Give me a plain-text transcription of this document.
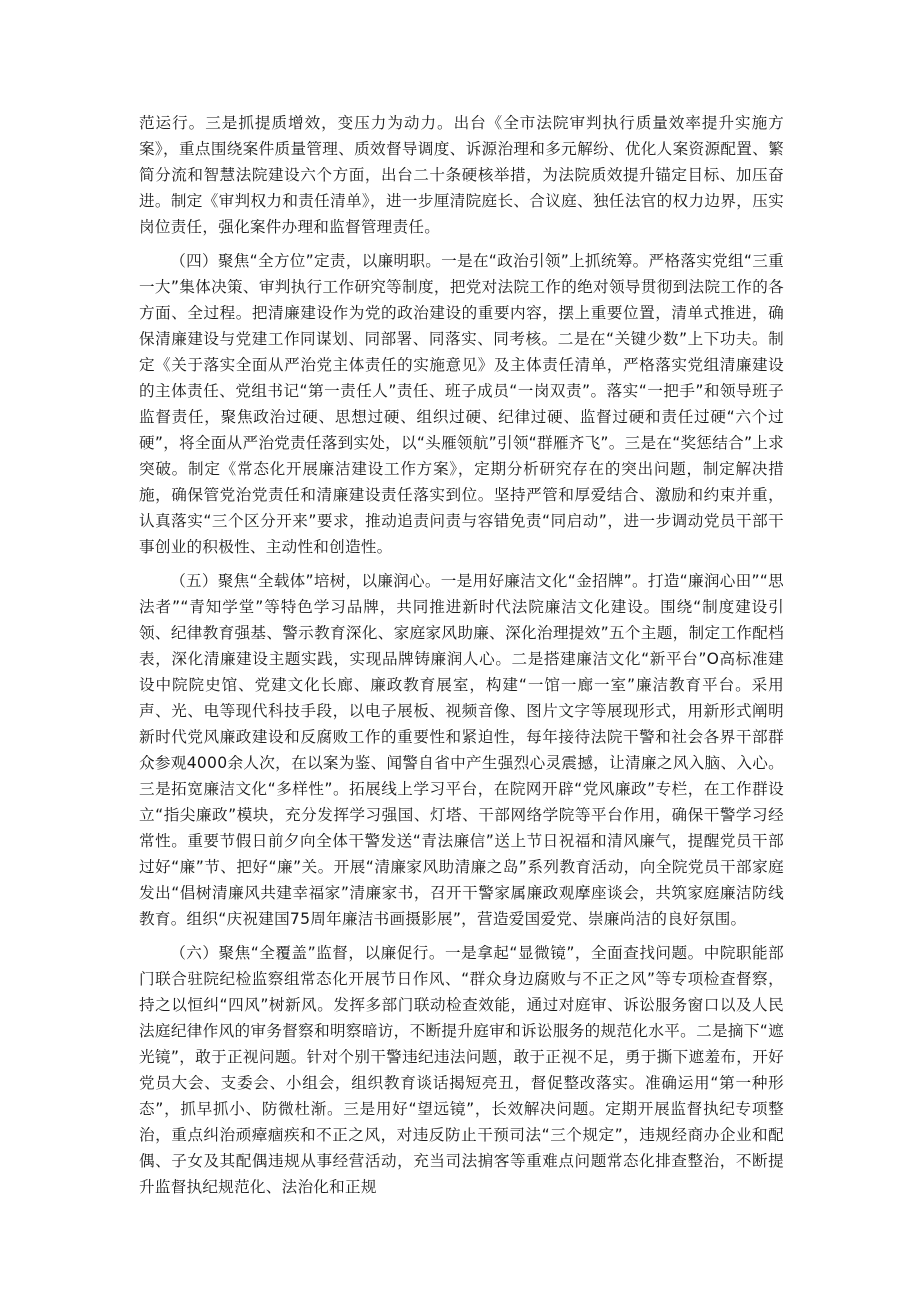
范运行。三是抓提质增效，变压力为动力。出台《全市法院审判执行质量效率提升实施方案》，重点围绕案件质量管理、质效督导调度、诉源治理和多元解纷、优化人案资源配置、繁简分流和智慧法院建设六个方面，出台二十条硬核举措，为法院质效提升锚定目标、加压奋进。制定《审判权力和责任清单》，进一步厘清院庭长、合议庭、独任法官的权力边界，压实岗位责任，强化案件办理和监督管理责任。

（四）聚焦“全方位”定责，以廉明职。一是在“政治引领”上抓统筹。严格落实党组“三重一大”集体决策、审判执行工作研究等制度，把党对法院工作的绝对领导贯彻到法院工作的各方面、全过程。把清廉建设作为党的政治建设的重要内容，摆上重要位置，清单式推进，确保清廉建设与党建工作同谋划、同部署、同落实、同考核。二是在“关键少数”上下功夫。制定《关于落实全面从严治党主体责任的实施意见》及主体责任清单，严格落实党组清廉建设的主体责任、党组书记“第一责任人”责任、班子成员“一岗双责”。落实“一把手”和领导班子监督责任，聚焦政治过硬、思想过硬、组织过硬、纪律过硬、监督过硬和责任过硬“六个过硬”，将全面从严治党责任落到实处，以“头雁领航”引领“群雁齐飞”。三是在“奖惩结合”上求突破。制定《常态化开展廉洁建设工作方案》，定期分析研究存在的突出问题，制定解决措施，确保管党治党责任和清廉建设责任落实到位。坚持严管和厚爱结合、激励和约束并重，认真落实“三个区分开来”要求，推动追责问责与容错免责“同启动”，进一步调动党员干部干事创业的积极性、主动性和创造性。

（五）聚焦“全载体”培树，以廉润心。一是用好廉洁文化“金招牌”。打造“廉润心田”“思法者”“青知学堂”等特色学习品牌，共同推进新时代法院廉洁文化建设。围绕“制度建设引领、纪律教育强基、警示教育深化、家庭家风助廉、深化治理提效”五个主题，制定工作配档表，深化清廉建设主题实践，实现品牌铸廉润人心。二是搭建廉洁文化“新平台”O高标准建设中院院史馆、党建文化长廊、廉政教育展室，构建“一馆一廊一室”廉洁教育平台。采用声、光、电等现代科技手段，以电子展板、视频音像、图片文字等展现形式，用新形式阐明新时代党风廉政建设和反腐败工作的重要性和紧迫性，每年接待法院干警和社会各界干部群众参观4000余人次，在以案为鉴、闻警自省中产生强烈心灵震撼，让清廉之风入脑、入心。三是拓宽廉洁文化“多样性”。拓展线上学习平台，在院网开辟“党风廉政”专栏，在工作群设立“指尖廉政”模块，充分发挥学习强国、灯塔、干部网络学院等平台作用，确保干警学习经常性。重要节假日前夕向全体干警发送“青法廉信”送上节日祝福和清风廉气，提醒党员干部过好“廉”节、把好“廉”关。开展“清廉家风助清廉之岛”系列教育活动，向全院党员干部家庭发出“倡树清廉风共建幸福家”清廉家书，召开干警家属廉政观摩座谈会，共筑家庭廉洁防线教育。组织“庆祝建国75周年廉洁书画摄影展”，营造爱国爱党、崇廉尚洁的良好氛围。

（六）聚焦“全覆盖”监督，以廉促行。一是拿起“显微镜”，全面查找问题。中院职能部门联合驻院纪检监察组常态化开展节日作风、“群众身边腐败与不正之风”等专项检查督察，持之以恒纠“四风”树新风。发挥多部门联动检查效能，通过对庭审、诉讼服务窗口以及人民法庭纪律作风的审务督察和明察暗访，不断提升庭审和诉讼服务的规范化水平。二是摘下“遮光镜”，敢于正视问题。针对个别干警违纪违法问题，敢于正视不足，勇于撕下遮羞布，开好党员大会、支委会、小组会，组织教育谈话揭短亮丑，督促整改落实。准确运用“第一种形态”，抓早抓小、防微杜渐。三是用好“望远镜”，长效解决问题。定期开展监督执纪专项整治，重点纠治顽瘴痼疾和不正之风，对违反防止干预司法“三个规定”，违规经商办企业和配偶、子女及其配偶违规从事经营活动，充当司法掮客等重难点问题常态化排查整治，不断提升监督执纪规范化、法治化和正规
